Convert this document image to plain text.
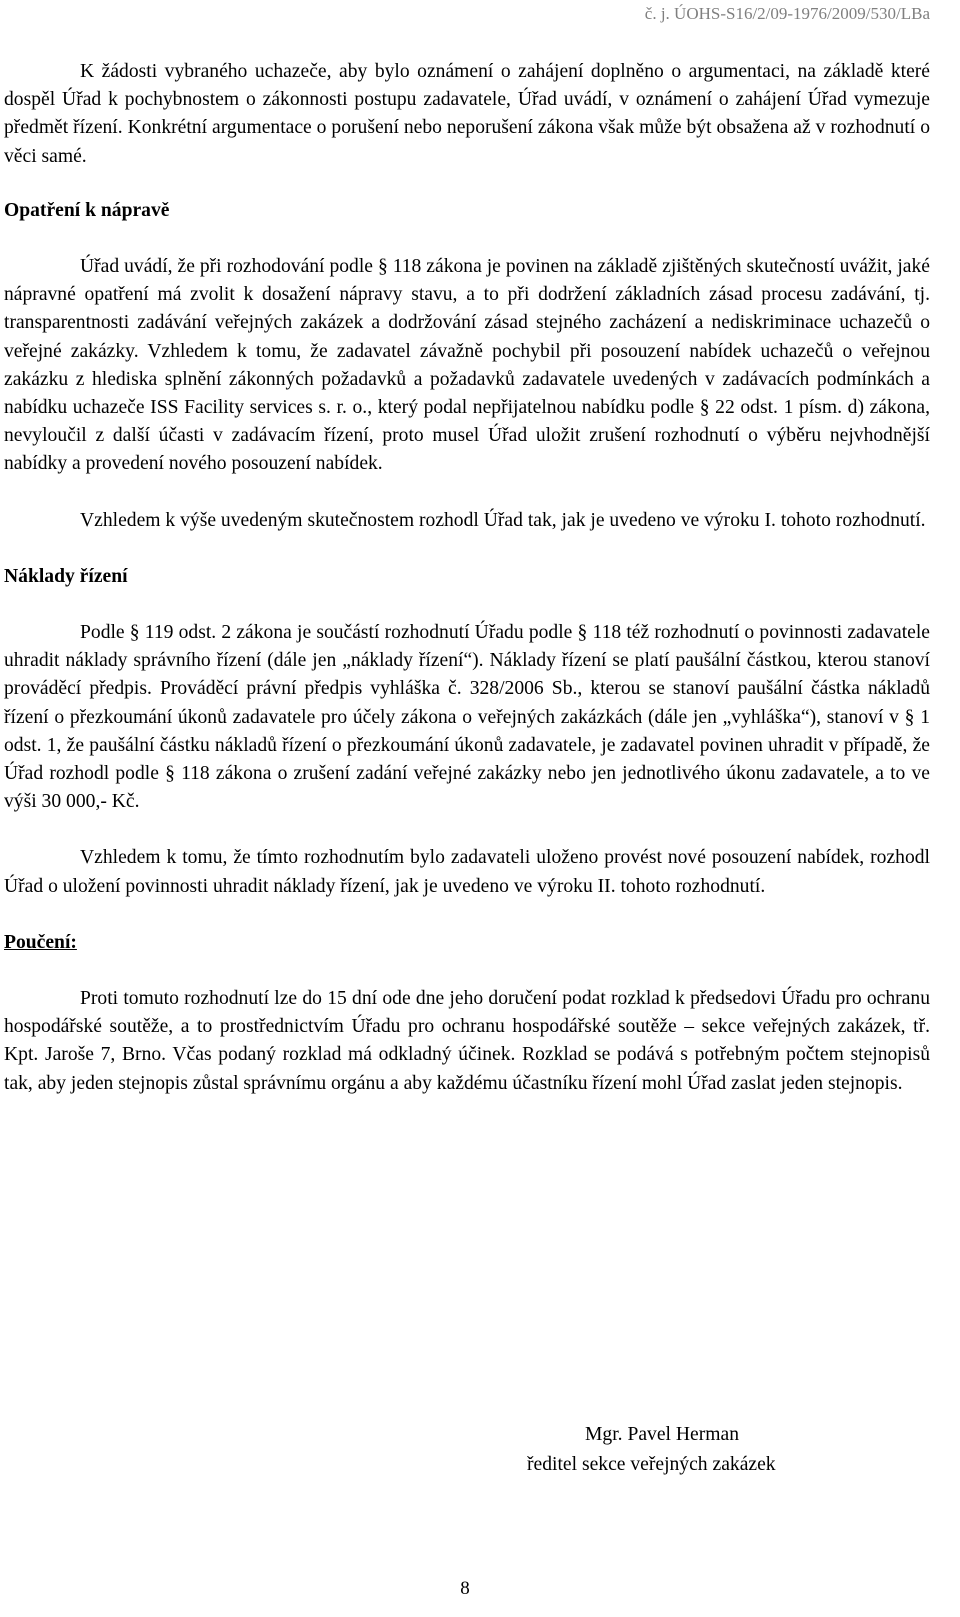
č. j. ÚOHS-S16/2/09-1976/2009/530/LBa

K žádosti vybraného uchazeče, aby bylo oznámení o zahájení doplněno o argumentaci, na základě které dospěl Úřad k pochybnostem o zákonnosti postupu zadavatele, Úřad uvádí, v oznámení o zahájení Úřad vymezuje předmět řízení. Konkrétní argumentace o porušení nebo neporušení zákona však může být obsažena až v rozhodnutí o věci samé.

Opatření k nápravě

Úřad uvádí, že při rozhodování podle § 118 zákona je povinen na základě zjištěných skutečností uvážit, jaké nápravné opatření má zvolit k dosažení nápravy stavu, a to při dodržení základních zásad procesu zadávání, tj. transparentnosti zadávání veřejných zakázek a dodržování zásad stejného zacházení a nediskriminace uchazečů o veřejné zakázky. Vzhledem k tomu, že zadavatel závažně pochybil při posouzení nabídek uchazečů o veřejnou zakázku z hlediska splnění zákonných požadavků a požadavků zadavatele uvedených v zadávacích podmínkách a nabídku uchazeče ISS Facility services s. r. o., který podal nepřijatelnou nabídku podle § 22 odst. 1 písm. d) zákona, nevyloučil z další účasti v zadávacím řízení, proto musel Úřad uložit zrušení rozhodnutí o výběru nejvhodnější nabídky a provedení nového posouzení nabídek.

Vzhledem k výše uvedeným skutečnostem rozhodl Úřad tak, jak je uvedeno ve výroku I. tohoto rozhodnutí.

Náklady řízení

Podle § 119 odst. 2 zákona je součástí rozhodnutí Úřadu podle § 118 též rozhodnutí o povinnosti zadavatele uhradit náklady správního řízení (dále jen „náklady řízení“). Náklady řízení se platí paušální částkou, kterou stanoví prováděcí předpis. Prováděcí právní předpis vyhláška č. 328/2006 Sb., kterou se stanoví paušální částka nákladů řízení o přezkoumání úkonů zadavatele pro účely zákona o veřejných zakázkách (dále jen „vyhláška“), stanoví v § 1 odst. 1, že paušální částku nákladů řízení o přezkoumání úkonů zadavatele, je zadavatel povinen uhradit v případě, že Úřad rozhodl podle § 118 zákona o zrušení zadání veřejné zakázky nebo jen jednotlivého úkonu zadavatele, a to ve výši 30 000,- Kč.

Vzhledem k tomu, že tímto rozhodnutím bylo zadavateli uloženo provést nové posouzení nabídek, rozhodl Úřad o uložení povinnosti uhradit náklady řízení, jak je uvedeno ve výroku II. tohoto rozhodnutí.

Poučení:

Proti tomuto rozhodnutí lze do 15 dní ode dne jeho doručení podat rozklad k předsedovi Úřadu pro ochranu hospodářské soutěže, a to prostřednictvím Úřadu pro ochranu hospodářské soutěže – sekce veřejných zakázek, tř. Kpt. Jaroše 7, Brno. Včas podaný rozklad má odkladný účinek. Rozklad se podává s potřebným počtem stejnopisů tak, aby jeden stejnopis zůstal správnímu orgánu a aby každému účastníku řízení mohl Úřad zaslat jeden stejnopis.

Mgr. Pavel Herman
ředitel sekce veřejných zakázek
8
